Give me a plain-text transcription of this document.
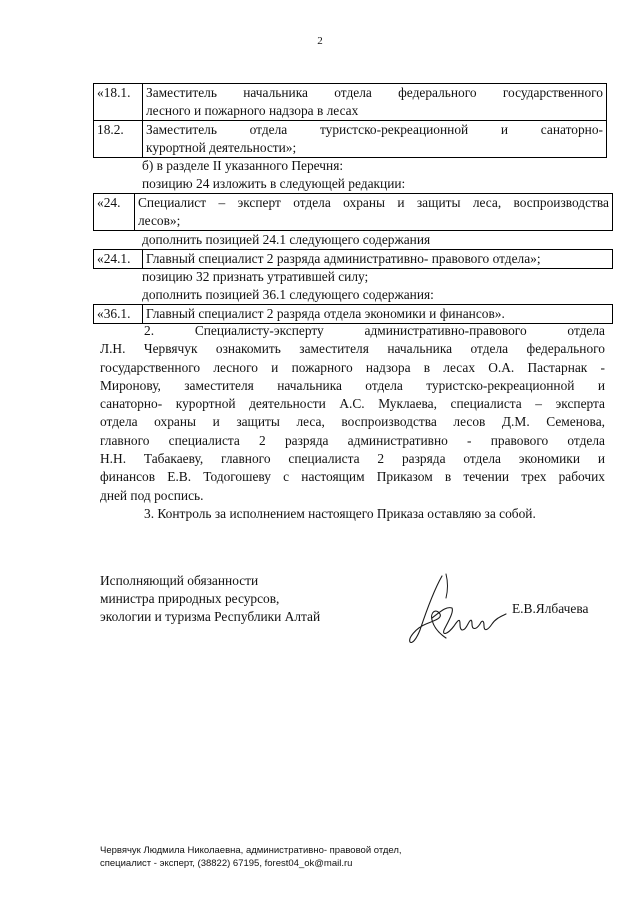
2
«18.1.	Заместитель начальника отдела федерального государственного
лесного и пожарного надзора в лесах

18.2.	Заместитель отдела туристско-рекреационной и санаторно-
курортной деятельности»;
б) в разделе II указанного Перечня:
позицию 24 изложить в следующей редакции:
«24.	Специалист – эксперт отдела охраны и защиты леса, воспроизводства
лесов»;
дополнить позицией 24.1 следующего содержания
«24.1.	Главный специалист 2 разряда административно- правового отдела»;
позицию 32 признать утратившей силу;
дополнить позицией 36.1 следующего содержания:
«36.1.	Главный специалист 2 разряда отдела экономики и финансов».
2. Специалисту-эксперту административно-правового отдела
Л.Н. Червячук ознакомить заместителя начальника отдела федерального
государственного лесного и пожарного надзора в лесах О.А. Пастарнак -
Миронову, заместителя начальника отдела туристско-рекреационной и
санаторно- курортной деятельности А.С. Муклаева, специалиста – эксперта
отдела охраны и защиты леса, воспроизводства лесов Д.М. Семенова,
главного специалиста 2 разряда административно - правового отдела
Н.Н. Табакаеву, главного специалиста 2 разряда отдела экономики и
финансов Е.В. Тодогошеву с настоящим Приказом в течении трех рабочих
дней под роспись.
3. Контроль за исполнением настоящего Приказа оставляю за собой.
Исполняющий обязанности
министра природных ресурсов,
экологии и туризма Республики Алтай
Е.В.Ялбачева
Червячук Людмила Николаевна, административно- правовой отдел,
специалист - эксперт, (38822) 67195, forest04_ok@mail.ru
